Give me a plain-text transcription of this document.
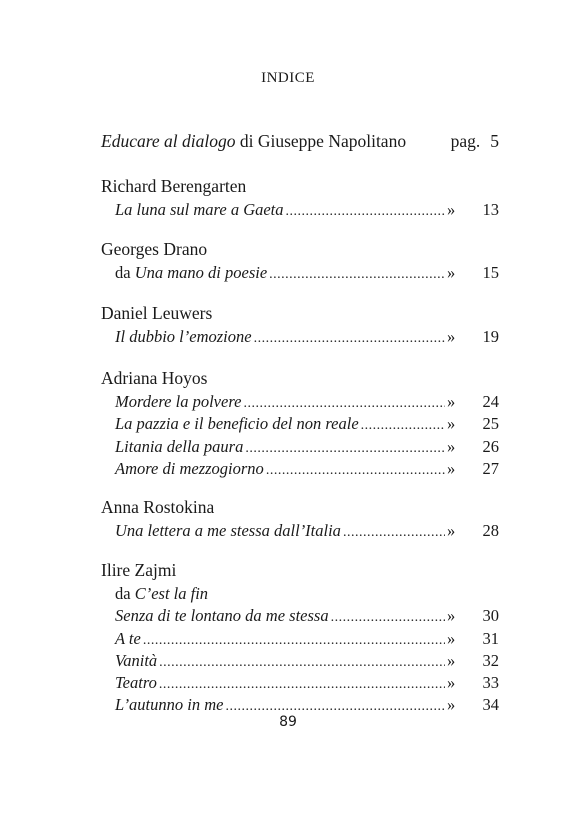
INDICE
Educare al dialogo
di Giuseppe Napolitano	pag. 5
Richard Berengarten
La luna sul mare a Gaeta .....	»	13
Georges Drano
da Una mano di poesie .....	»	15
Daniel Leuwers
Il dubbio l’emozione .....	»	19
Adriana Hoyos
Mordere la polvere .....	»	24
La pazzia e il beneficio del non reale .....	»	25
Litania della paura .....	»	26
Amore di mezzogiorno .....	»	27
Anna Rostokina
Una lettera a me stessa dall’Italia .....	»	28
Ilire Zajmi
da C’est la fin
Senza di te lontano da me stessa .....	»	30
A te .....	»	31
Vanità .....	»	32
Teatro .....	»	33
L’autunno in me .....	»	34
89
